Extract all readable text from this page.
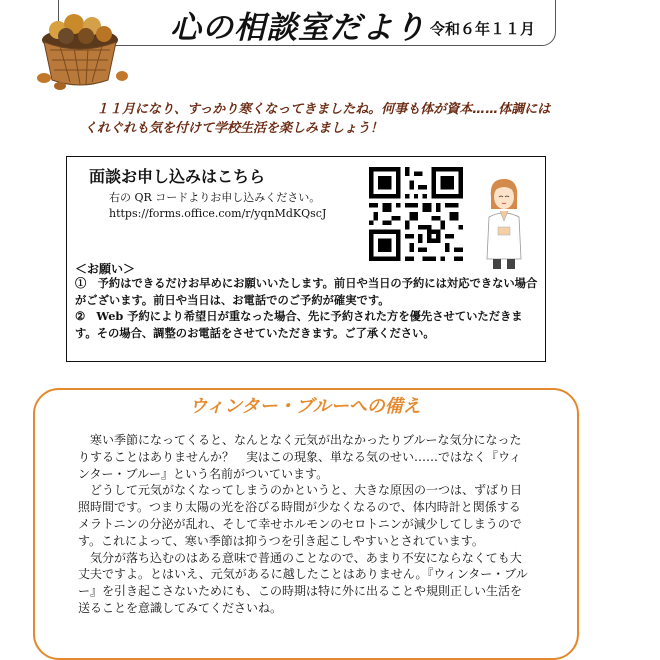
心の相談室だより 令和６年１１月
１１月になり、すっかり寒くなってきましたね。何事も体が資本……体調にはくれぐれも気を付けて学校生活を楽しみましょう！
面談お申し込みはこちら
右の QR コードよりお申し込みください。
https://forms.office.com/r/yqnMdKQscJ
＜お願い＞

①　予約はできるだけお早めにお願いいたします。前日や当日の予約には対応できない場合がございます。前日や当日は、お電話でのご予約が確実です。

②　Web 予約により希望日が重なった場合、先に予約された方を優先させていただきます。その場合、調整のお電話をさせていただきます。ご了承ください。

ウィンター・ブルーへの備え

寒い季節になってくると、なんとなく元気が出なかったりブルーな気分になったりすることはありませんか？　実はこの現象、単なる気のせい……ではなく『ウィンター・ブルー』という名前がついています。

どうして元気がなくなってしまうのかというと、大きな原因の一つは、ずばり日照時間です。つまり太陽の光を浴びる時間が少なくなるので、体内時計と関係するメラトニンの分泌が乱れ、そして幸せホルモンのセロトニンが減少してしまうのです。これによって、寒い季節は抑うつを引き起こしやすいとされています。

気分が落ち込むのはある意味で普通のことなので、あまり不安にならなくても大丈夫ですよ。とはいえ、元気があるに越したことはありません。『ウィンター・ブルー』を引き起こさないためにも、この時期は特に外に出ることや規則正しい生活を送ることを意識してみてくださいね。
